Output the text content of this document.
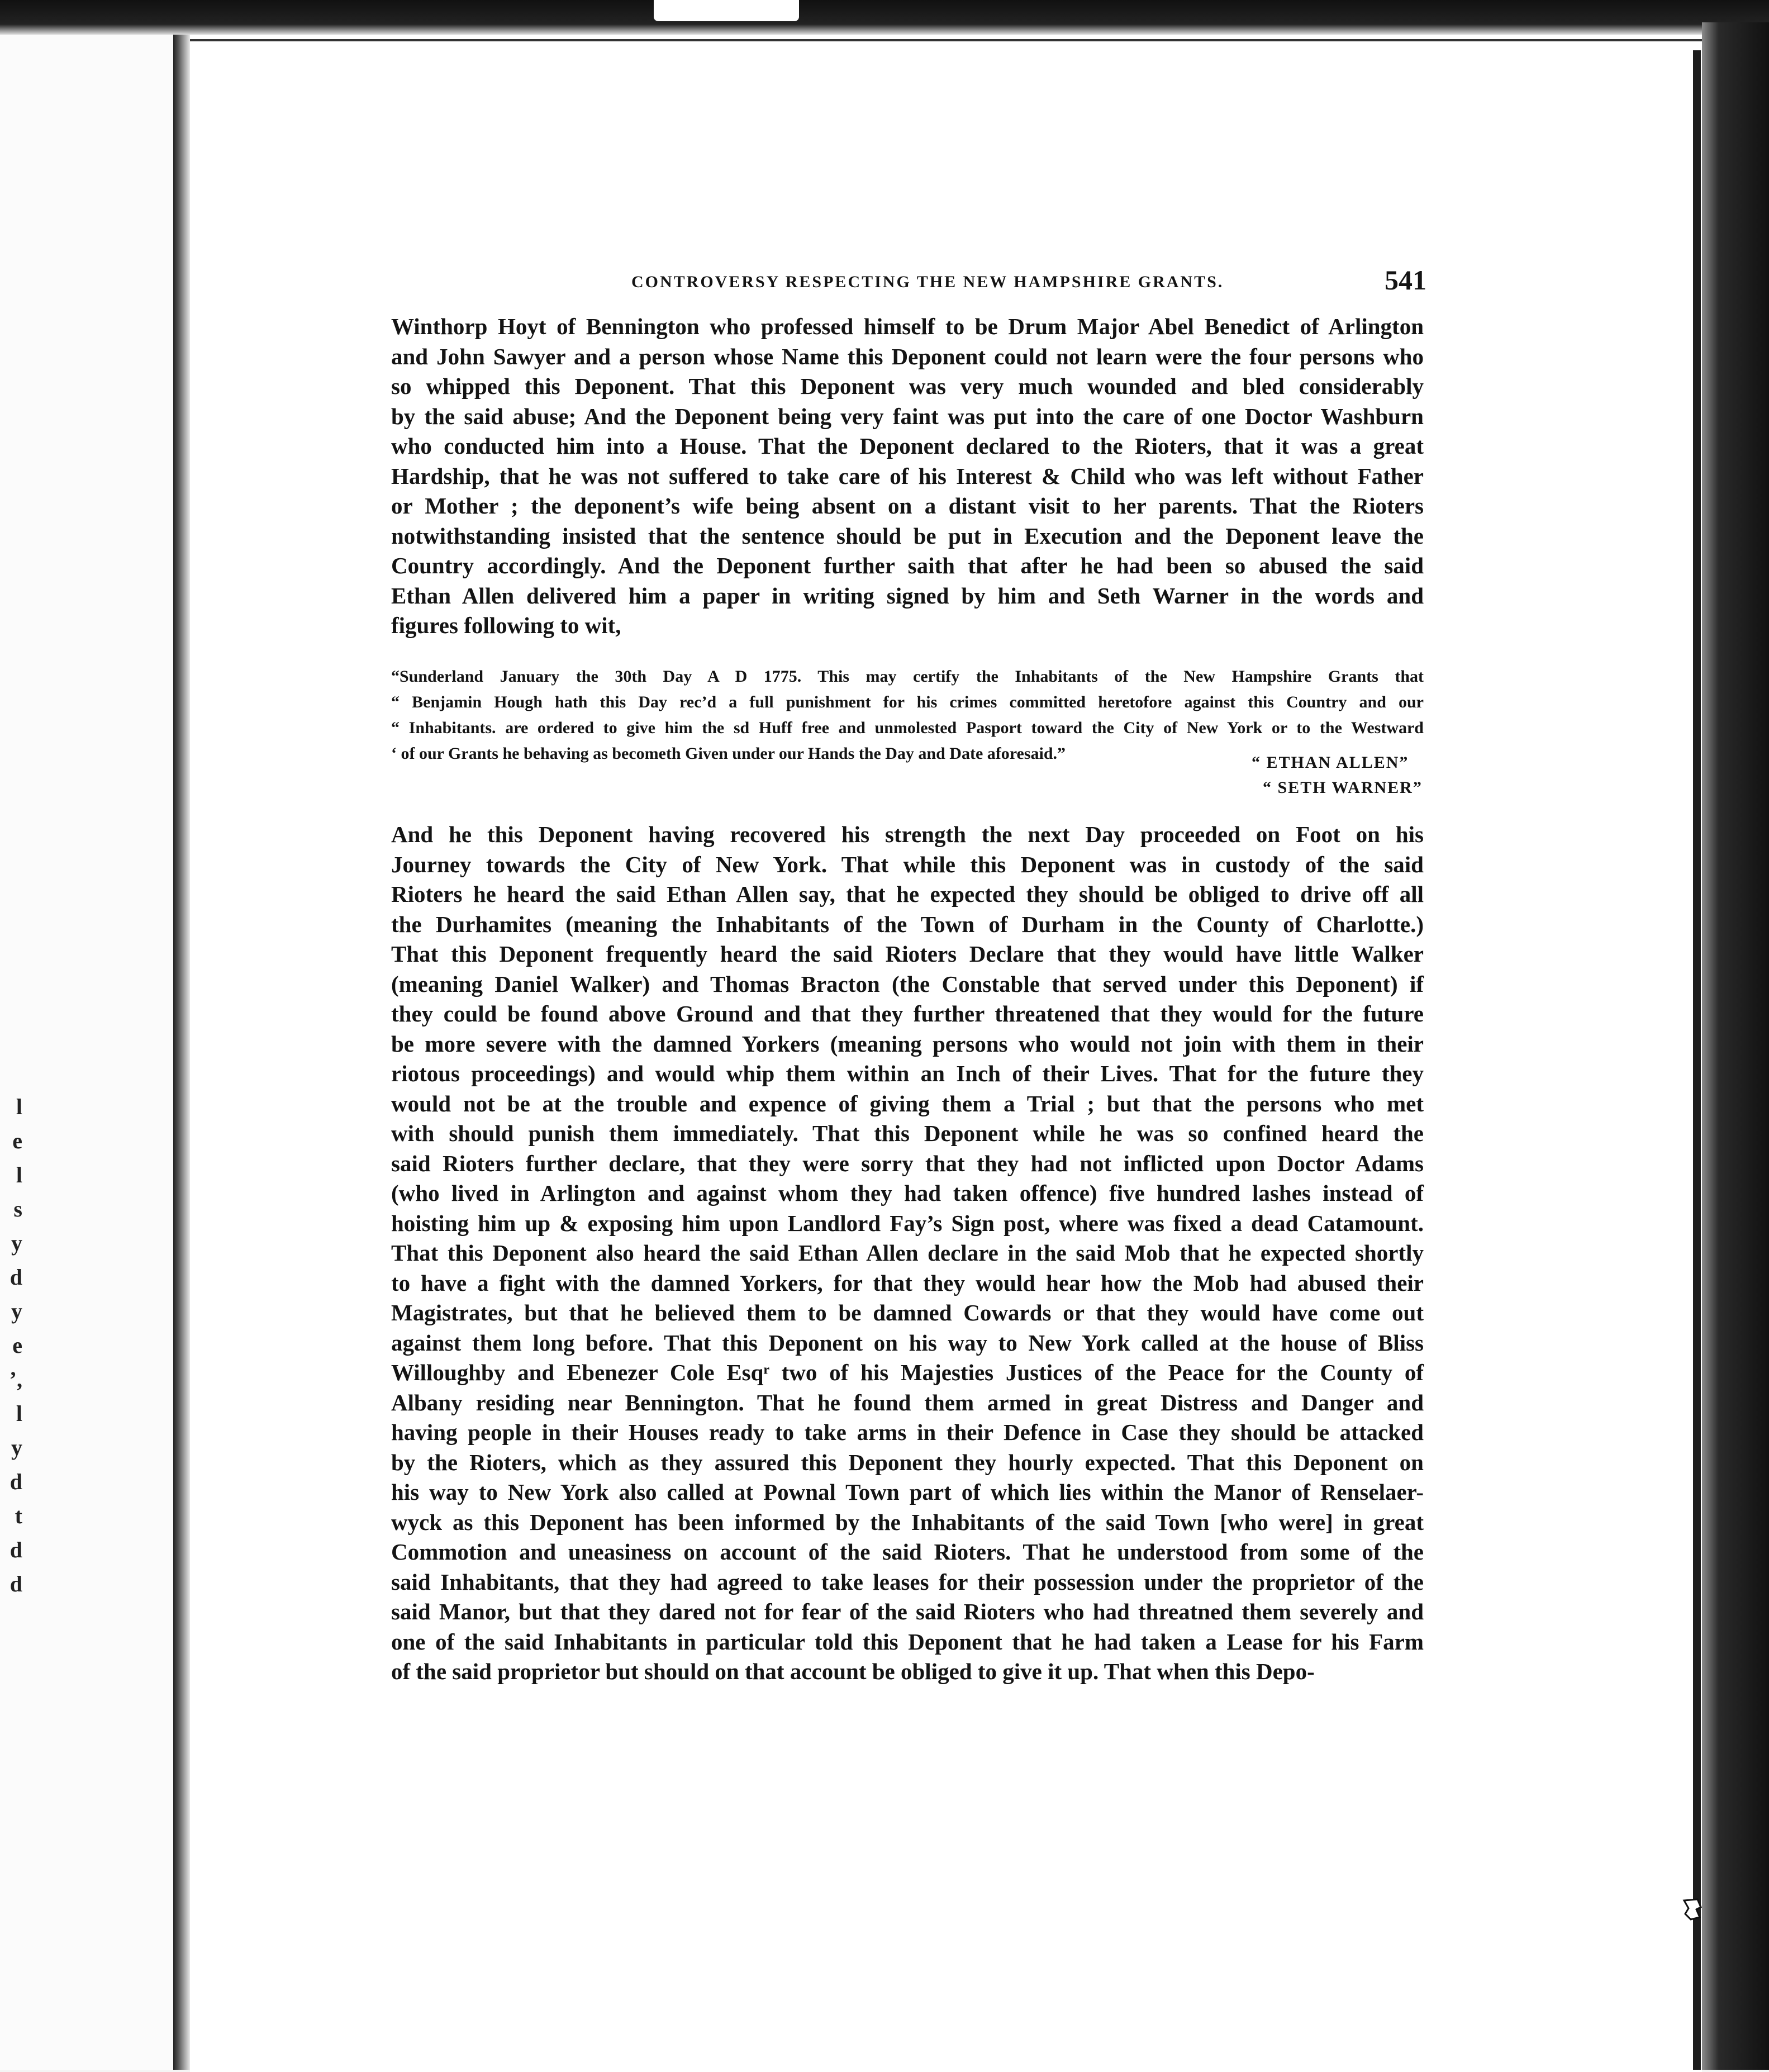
l
e
l
s
y
d
y
e
’,
l
y
d
t
d
d
CONTROVERSY RESPECTING THE NEW HAMPSHIRE GRANTS.	541
Winthorp Hoyt of Bennington who professed himself to be Drum Major Abel Benedict of Arlington
and John Sawyer and a person whose Name this Deponent could not learn were the four persons who
so whipped this Deponent. That this Deponent was very much wounded and bled considerably
by the said abuse; And the Deponent being very faint was put into the care of one Doctor Washburn
who conducted him into a House. That the Deponent declared to the Rioters, that it was a great
Hardship, that he was not suffered to take care of his Interest & Child who was left without Father
or Mother ; the deponent’s wife being absent on a distant visit to her parents. That the Rioters
notwithstanding insisted that the sentence should be put in Execution and the Deponent leave the
Country accordingly. And the Deponent further saith that after he had been so abused the said
Ethan Allen delivered him a paper in writing signed by him and Seth Warner in the words and
figures following to wit,
“Sunderland January the 30th Day A D 1775. This may certify the Inhabitants of the New Hampshire Grants that
“ Benjamin Hough hath this Day rec’d a full punishment for his crimes committed heretofore against this Country and our
“ Inhabitants. are ordered to give him the sd Huff free and unmolested Pasport toward the City of New York or to the Westward
‘ of our Grants he behaving as becometh Given under our Hands the Day and Date aforesaid.”	“ ETHAN ALLEN”
“ SETH WARNER”
And he this Deponent having recovered his strength the next Day proceeded on Foot on his
Journey towards the City of New York. That while this Deponent was in custody of the said
Rioters he heard the said Ethan Allen say, that he expected they should be obliged to drive off all
the Durhamites (meaning the Inhabitants of the Town of Durham in the County of Charlotte.)
That this Deponent frequently heard the said Rioters Declare that they would have little Walker
(meaning Daniel Walker) and Thomas Bracton (the Constable that served under this Deponent) if
they could be found above Ground and that they further threatened that they would for the future
be more severe with the damned Yorkers (meaning persons who would not join with them in their
riotous proceedings) and would whip them within an Inch of their Lives. That for the future they
would not be at the trouble and expence of giving them a Trial ; but that the persons who met
with should punish them immediately. That this Deponent while he was so confined heard the
said Rioters further declare, that they were sorry that they had not inflicted upon Doctor Adams
(who lived in Arlington and against whom they had taken offence) five hundred lashes instead of
hoisting him up & exposing him upon Landlord Fay’s Sign post, where was fixed a dead Catamount.
That this Deponent also heard the said Ethan Allen declare in the said Mob that he expected shortly
to have a fight with the damned Yorkers, for that they would hear how the Mob had abused their
Magistrates, but that he believed them to be damned Cowards or that they would have come out
against them long before. That this Deponent on his way to New York called at the house of Bliss
Willoughby and Ebenezer Cole Esqʳ two of his Majesties Justices of the Peace for the County of
Albany residing near Bennington. That he found them armed in great Distress and Danger and
having people in their Houses ready to take arms in their Defence in Case they should be attacked
by the Rioters, which as they assured this Deponent they hourly expected. That this Deponent on
his way to New York also called at Pownal Town part of which lies within the Manor of Renselaer-
wyck as this Deponent has been informed by the Inhabitants of the said Town [who were] in great
Commotion and uneasiness on account of the said Rioters. That he understood from some of the
said Inhabitants, that they had agreed to take leases for their possession under the proprietor of the
said Manor, but that they dared not for fear of the said Rioters who had threatned them severely and
one of the said Inhabitants in particular told this Deponent that he had taken a Lease for his Farm
of the said proprietor but should on that account be obliged to give it up. That when this Depo-
